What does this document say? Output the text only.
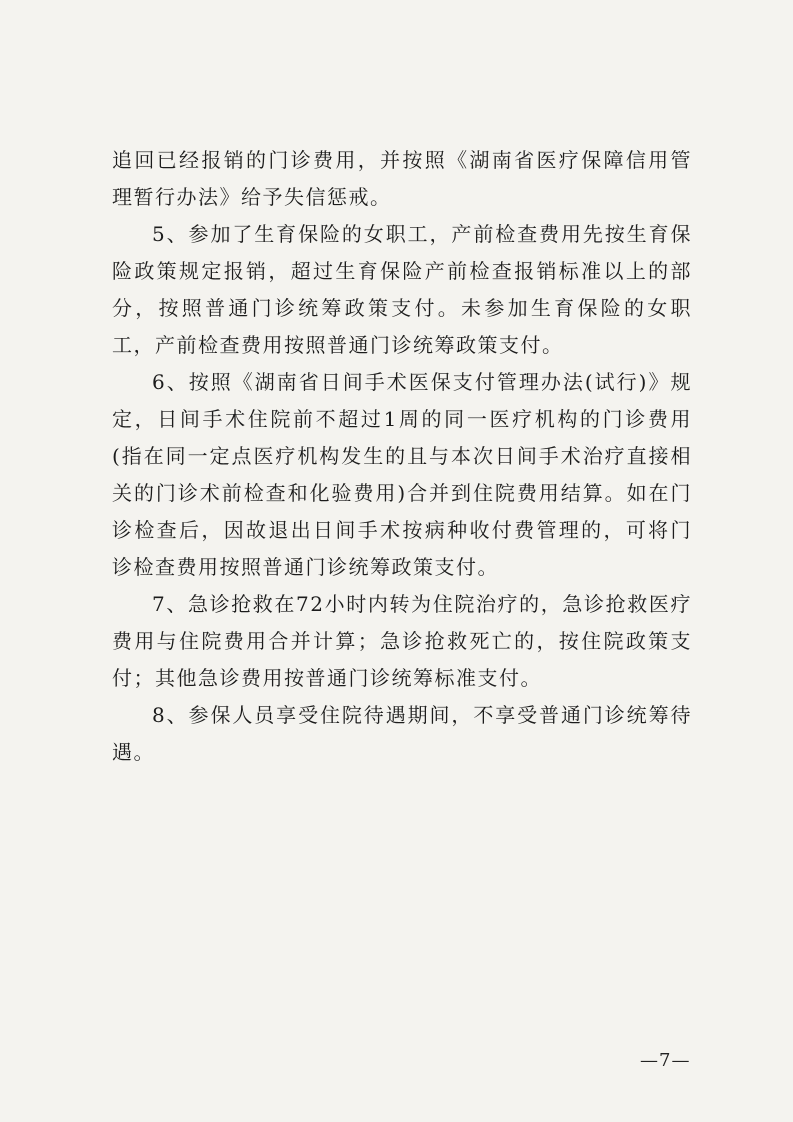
追回已经报销的门诊费用，并按照《湖南省医疗保障信用管理暂行办法》给予失信惩戒。

5、参加了生育保险的女职工，产前检查费用先按生育保险政策规定报销，超过生育保险产前检查报销标准以上的部分，按照普通门诊统筹政策支付。未参加生育保险的女职工，产前检查费用按照普通门诊统筹政策支付。

6、按照《湖南省日间手术医保支付管理办法(试行)》规定，日间手术住院前不超过1周的同一医疗机构的门诊费用(指在同一定点医疗机构发生的且与本次日间手术治疗直接相关的门诊术前检查和化验费用)合并到住院费用结算。如在门诊检查后，因故退出日间手术按病种收付费管理的，可将门诊检查费用按照普通门诊统筹政策支付。

7、急诊抢救在72小时内转为住院治疗的，急诊抢救医疗费用与住院费用合并计算；急诊抢救死亡的，按住院政策支付；其他急诊费用按普通门诊统筹标准支付。

8、参保人员享受住院待遇期间，不享受普通门诊统筹待遇。

—7—
